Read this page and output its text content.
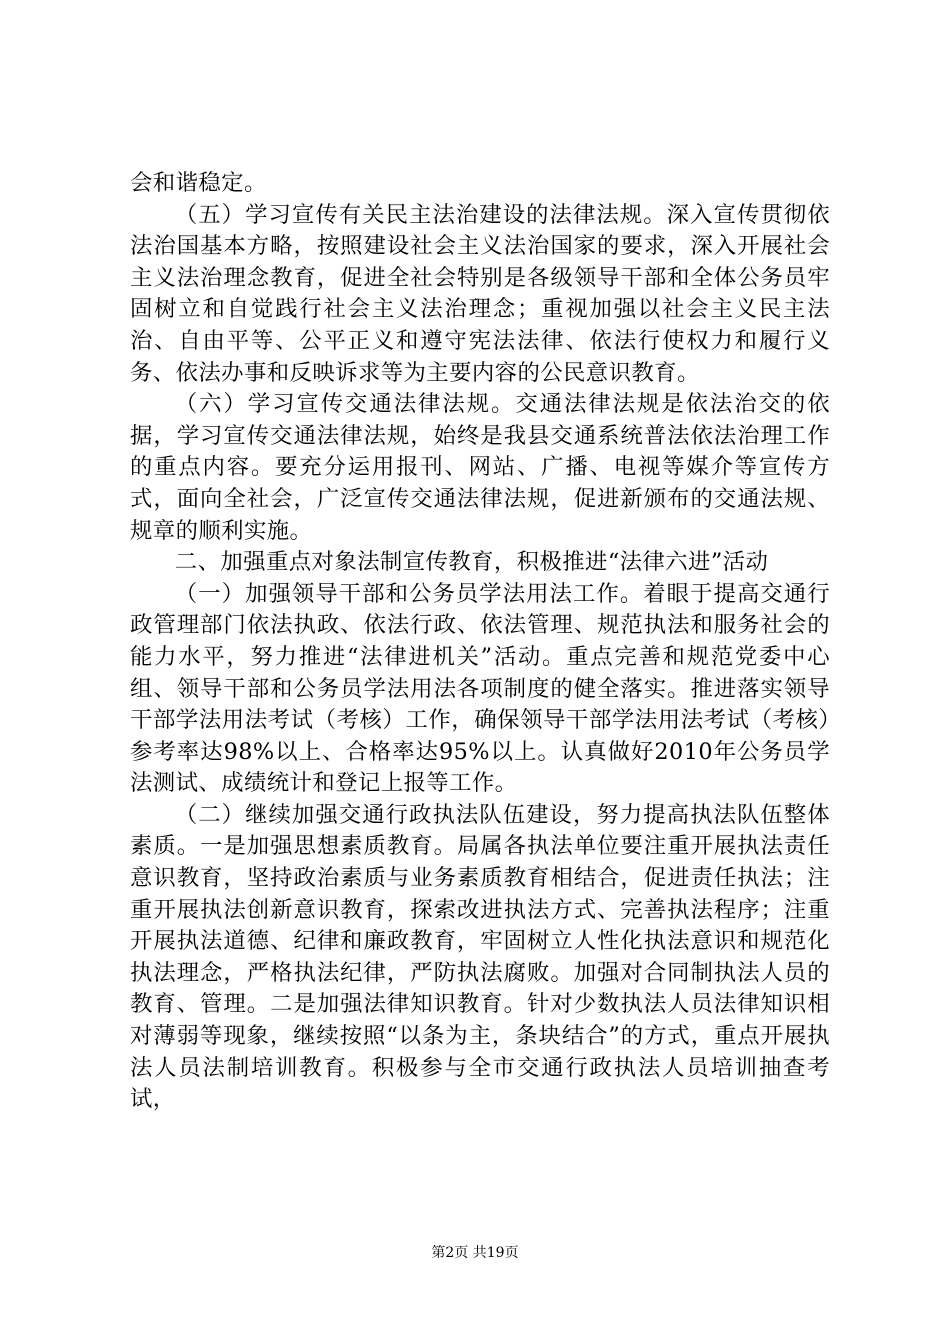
会和谐稳定。

（五）学习宣传有关民主法治建设的法律法规。深入宣传贯彻依法治国基本方略，按照建设社会主义法治国家的要求，深入开展社会主义法治理念教育，促进全社会特别是各级领导干部和全体公务员牢固树立和自觉践行社会主义法治理念；重视加强以社会主义民主法治、自由平等、公平正义和遵守宪法法律、依法行使权力和履行义务、依法办事和反映诉求等为主要内容的公民意识教育。

（六）学习宣传交通法律法规。交通法律法规是依法治交的依据，学习宣传交通法律法规，始终是我县交通系统普法依法治理工作的重点内容。要充分运用报刊、网站、广播、电视等媒介等宣传方式，面向全社会，广泛宣传交通法律法规，促进新颁布的交通法规、规章的顺利实施。

二、加强重点对象法制宣传教育，积极推进“法律六进”活动

（一）加强领导干部和公务员学法用法工作。着眼于提高交通行政管理部门依法执政、依法行政、依法管理、规范执法和服务社会的能力水平，努力推进“法律进机关”活动。重点完善和规范党委中心组、领导干部和公务员学法用法各项制度的健全落实。推进落实领导干部学法用法考试（考核）工作，确保领导干部学法用法考试（考核）参考率达98%以上、合格率达95%以上。认真做好2010年公务员学法测试、成绩统计和登记上报等工作。

（二）继续加强交通行政执法队伍建设，努力提高执法队伍整体素质。一是加强思想素质教育。局属各执法单位要注重开展执法责任意识教育，坚持政治素质与业务素质教育相结合，促进责任执法；注重开展执法创新意识教育，探索改进执法方式、完善执法程序；注重开展执法道德、纪律和廉政教育，牢固树立人性化执法意识和规范化执法理念，严格执法纪律，严防执法腐败。加强对合同制执法人员的教育、管理。二是加强法律知识教育。针对少数执法人员法律知识相对薄弱等现象，继续按照“以条为主，条块结合”的方式，重点开展执法人员法制培训教育。积极参与全市交通行政执法人员培训抽查考试，

第2页 共19页
